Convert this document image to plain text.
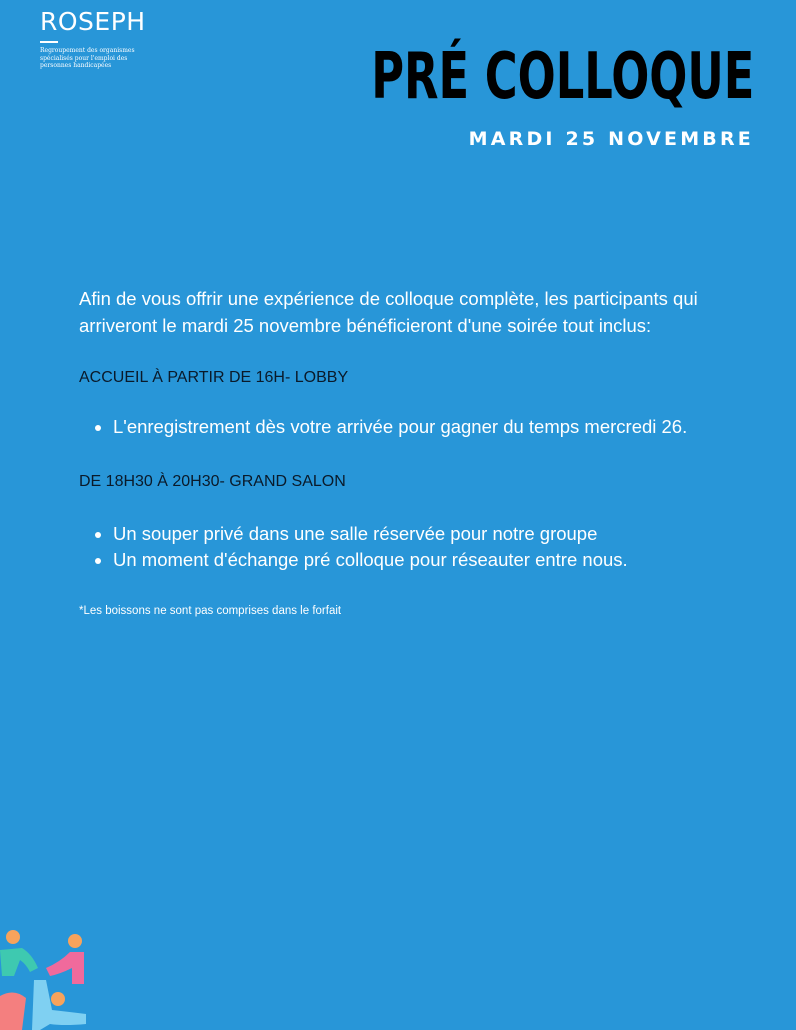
ROSEPH
Regroupement des organismes
spécialisés pour l'emploi des
personnes handicapées	PRÉ COLLOQUE
MARDI 25 NOVEMBRE

Afin de vous offrir une expérience de colloque complète, les participants qui arriveront le mardi 25 novembre bénéficieront d'une soirée tout inclus:

ACCUEIL À PARTIR DE 16H- LOBBY

• L'enregistrement dès votre arrivée pour gagner du temps mercredi 26.

DE 18H30 À 20H30- GRAND SALON

• Un souper privé dans une salle réservée pour notre groupe
• Un moment d'échange pré colloque pour réseauter entre nous.

*Les boissons ne sont pas comprises dans le forfait
